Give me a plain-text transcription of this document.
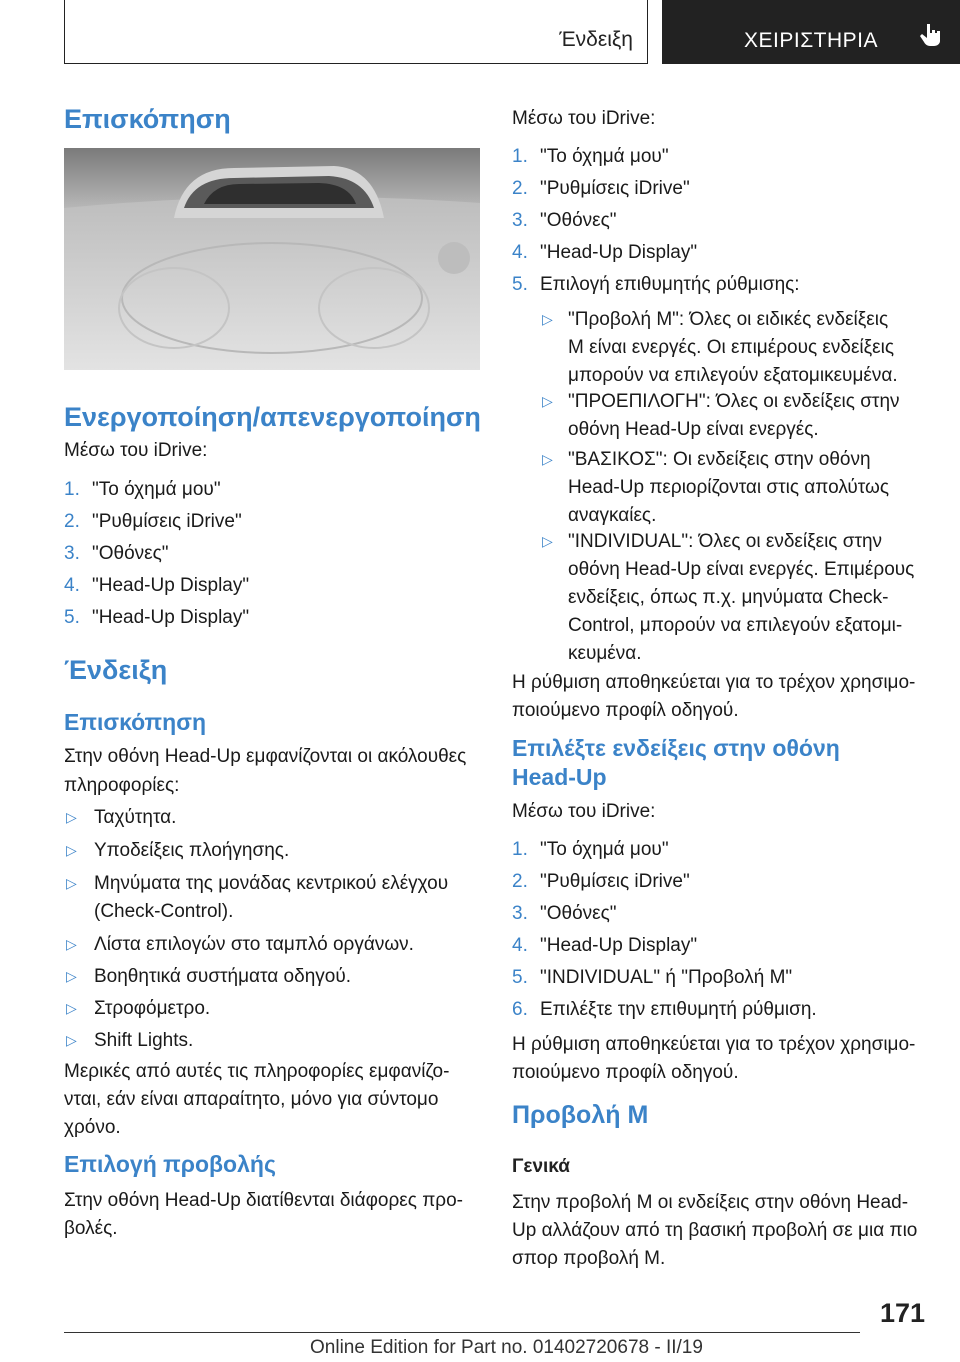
Ένδειξη	ΧΕΙΡΙΣΤΗΡΙΑ
Επισκόπηση
Ενεργοποίηση/απενεργοποίηση
Μέσω του iDrive:
1. "Το όχημά μου"
2. "Ρυθμίσεις iDrive"
3. "Οθόνες"
4. "Head-Up Display"
5. "Head-Up Display"
Ένδειξη
Επισκόπηση
Στην οθόνη Head-Up εμφανίζονται οι ακόλουθες
πληροφορίες:
▷ Ταχύτητα.
▷ Υποδείξεις πλοήγησης.
▷ Μηνύματα της μονάδας κεντρικού ελέγχου
(Check-Control).
▷ Λίστα επιλογών στο ταμπλό οργάνων.
▷ Βοηθητικά συστήματα οδηγού.
▷ Στροφόμετρο.
▷ Shift Lights.
Μερικές από αυτές τις πληροφορίες εμφανίζο-
νται, εάν είναι απαραίτητο, μόνο για σύντομο
χρόνο.
Επιλογή προβολής
Στην οθόνη Head-Up διατίθενται διάφορες προ-
βολές.
Μέσω του iDrive:
1. "Το όχημά μου"
2. "Ρυθμίσεις iDrive"
3. "Οθόνες"
4. "Head-Up Display"
5. Επιλογή επιθυμητής ρύθμισης:
▷ "Προβολή M": Όλες οι ειδικές ενδείξεις
M είναι ενεργές. Οι επιμέρους ενδείξεις
μπορούν να επιλεγούν εξατομικευμένα.
▷ "ΠΡΟΕΠΙΛΟΓΗ": Όλες οι ενδείξεις στην
οθόνη Head-Up είναι ενεργές.
▷ "ΒΑΣΙΚΟΣ": Οι ενδείξεις στην οθόνη
Head-Up περιορίζονται στις απολύτως
αναγκαίες.
▷ "INDIVIDUAL": Όλες οι ενδείξεις στην
οθόνη Head-Up είναι ενεργές. Επιμέρους
ενδείξεις, όπως π.χ. μηνύματα Check-
Control, μπορούν να επιλεγούν εξατομι-
κευμένα.
Η ρύθμιση αποθηκεύεται για το τρέχον χρησιμο-
ποιούμενο προφίλ οδηγού.
Επιλέξτε ενδείξεις στην οθόνη
Head-Up
Μέσω του iDrive:
1. "Το όχημά μου"
2. "Ρυθμίσεις iDrive"
3. "Οθόνες"
4. "Head-Up Display"
5. "INDIVIDUAL" ή "Προβολή M"
6. Επιλέξτε την επιθυμητή ρύθμιση.
Η ρύθμιση αποθηκεύεται για το τρέχον χρησιμο-
ποιούμενο προφίλ οδηγού.
Προβολή M
Γενικά
Στην προβολή M οι ενδείξεις στην οθόνη Head-
Up αλλάζουν από τη βασική προβολή σε μια πιο
σπορ προβολή M.
171
Online Edition for Part no. 01402720678 - II/19
